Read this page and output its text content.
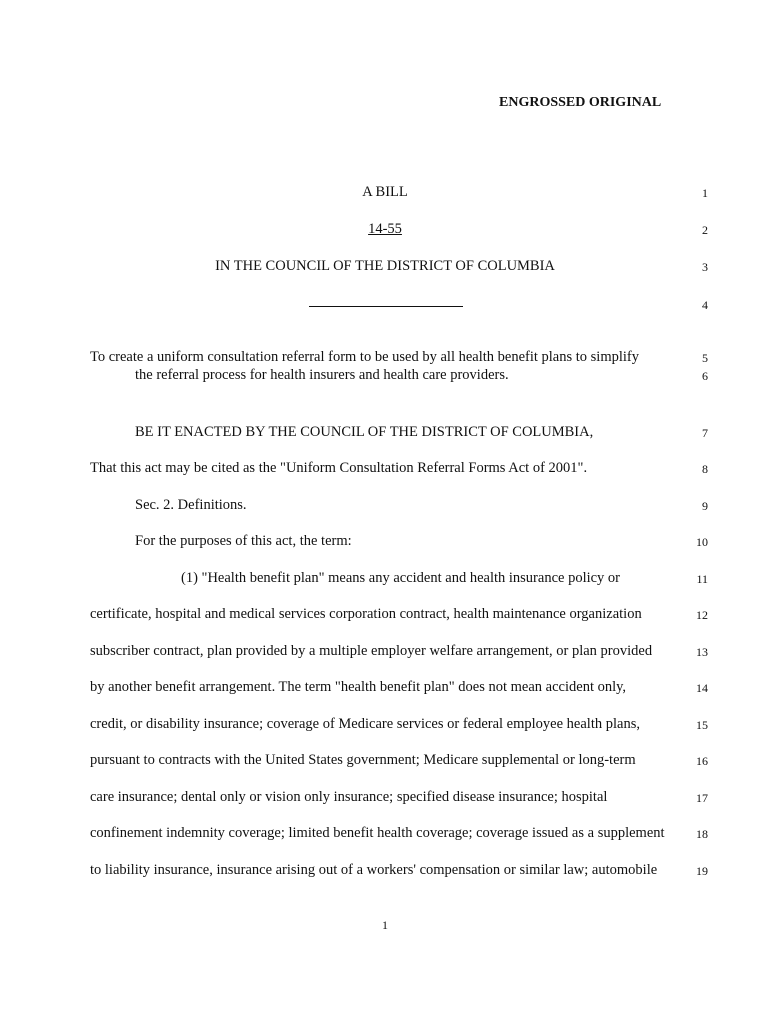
ENGROSSED ORIGINAL
A BILL
14-55
IN THE COUNCIL OF THE DISTRICT OF COLUMBIA
To create a uniform consultation referral form to be used by all health benefit plans to simplify
the referral process for health insurers and health care providers.
BE IT ENACTED BY THE COUNCIL OF THE DISTRICT OF COLUMBIA,
That this act may be cited as the "Uniform Consultation Referral Forms Act of 2001".
Sec. 2. Definitions.
For the purposes of this act, the term:
(1) "Health benefit plan" means any accident and health insurance policy or
certificate, hospital and medical services corporation contract, health maintenance organization
subscriber contract, plan provided by a multiple employer welfare arrangement, or plan provided
by another benefit arrangement. The term "health benefit plan" does not mean accident only,
credit, or disability insurance; coverage of Medicare services or federal employee health plans,
pursuant to contracts with the United States government; Medicare supplemental or long-term
care insurance; dental only or vision only insurance; specified disease insurance; hospital
confinement indemnity coverage; limited benefit health coverage; coverage issued as a supplement
to liability insurance, insurance arising out of a workers' compensation or similar law; automobile
1
2
3
4
5
6
7
8
9
10
11
12
13
14
15
16
17
18
19
1
